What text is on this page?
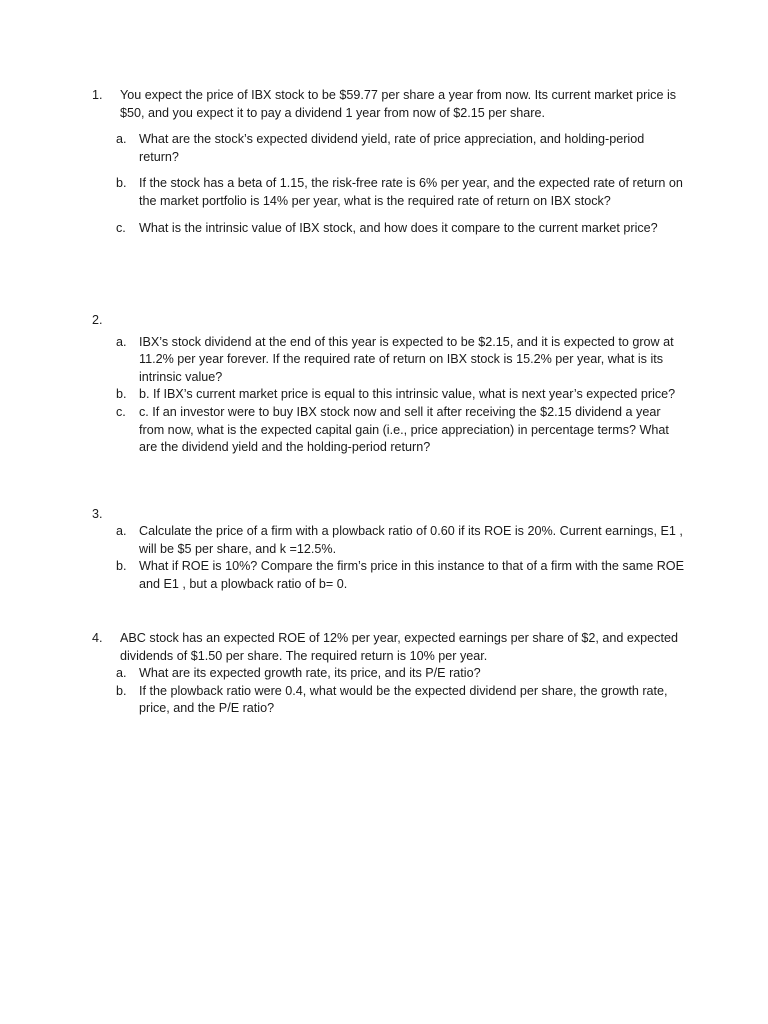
1. You expect the price of IBX stock to be $59.77 per share a year from now. Its current market price is $50, and you expect it to pay a dividend 1 year from now of $2.15 per share.
a. What are the stock’s expected dividend yield, rate of price appreciation, and holding-period return?
b. If the stock has a beta of 1.15, the risk-free rate is 6% per year, and the expected rate of return on the market portfolio is 14% per year, what is the required rate of return on IBX stock?
c. What is the intrinsic value of IBX stock, and how does it compare to the current market price?
2.
a. IBX’s stock dividend at the end of this year is expected to be $2.15, and it is expected to grow at 11.2% per year forever. If the required rate of return on IBX stock is 15.2% per year, what is its intrinsic value?
b. b. If IBX’s current market price is equal to this intrinsic value, what is next year’s expected price?
c. c. If an investor were to buy IBX stock now and sell it after receiving the $2.15 dividend a year from now, what is the expected capital gain (i.e., price appreciation) in percentage terms? What are the dividend yield and the holding-period return?
3.
a. Calculate the price of a firm with a plowback ratio of 0.60 if its ROE is 20%. Current earnings, E1 , will be $5 per share, and k =12.5%.
b. What if ROE is 10%? Compare the firm’s price in this instance to that of a firm with the same ROE and E1 , but a plowback ratio of b= 0.
4. ABC stock has an expected ROE of 12% per year, expected earnings per share of $2, and expected dividends of $1.50 per share. The required return is 10% per year.
a. What are its expected growth rate, its price, and its P/E ratio?
b. If the plowback ratio were 0.4, what would be the expected dividend per share, the growth rate, price, and the P/E ratio?
